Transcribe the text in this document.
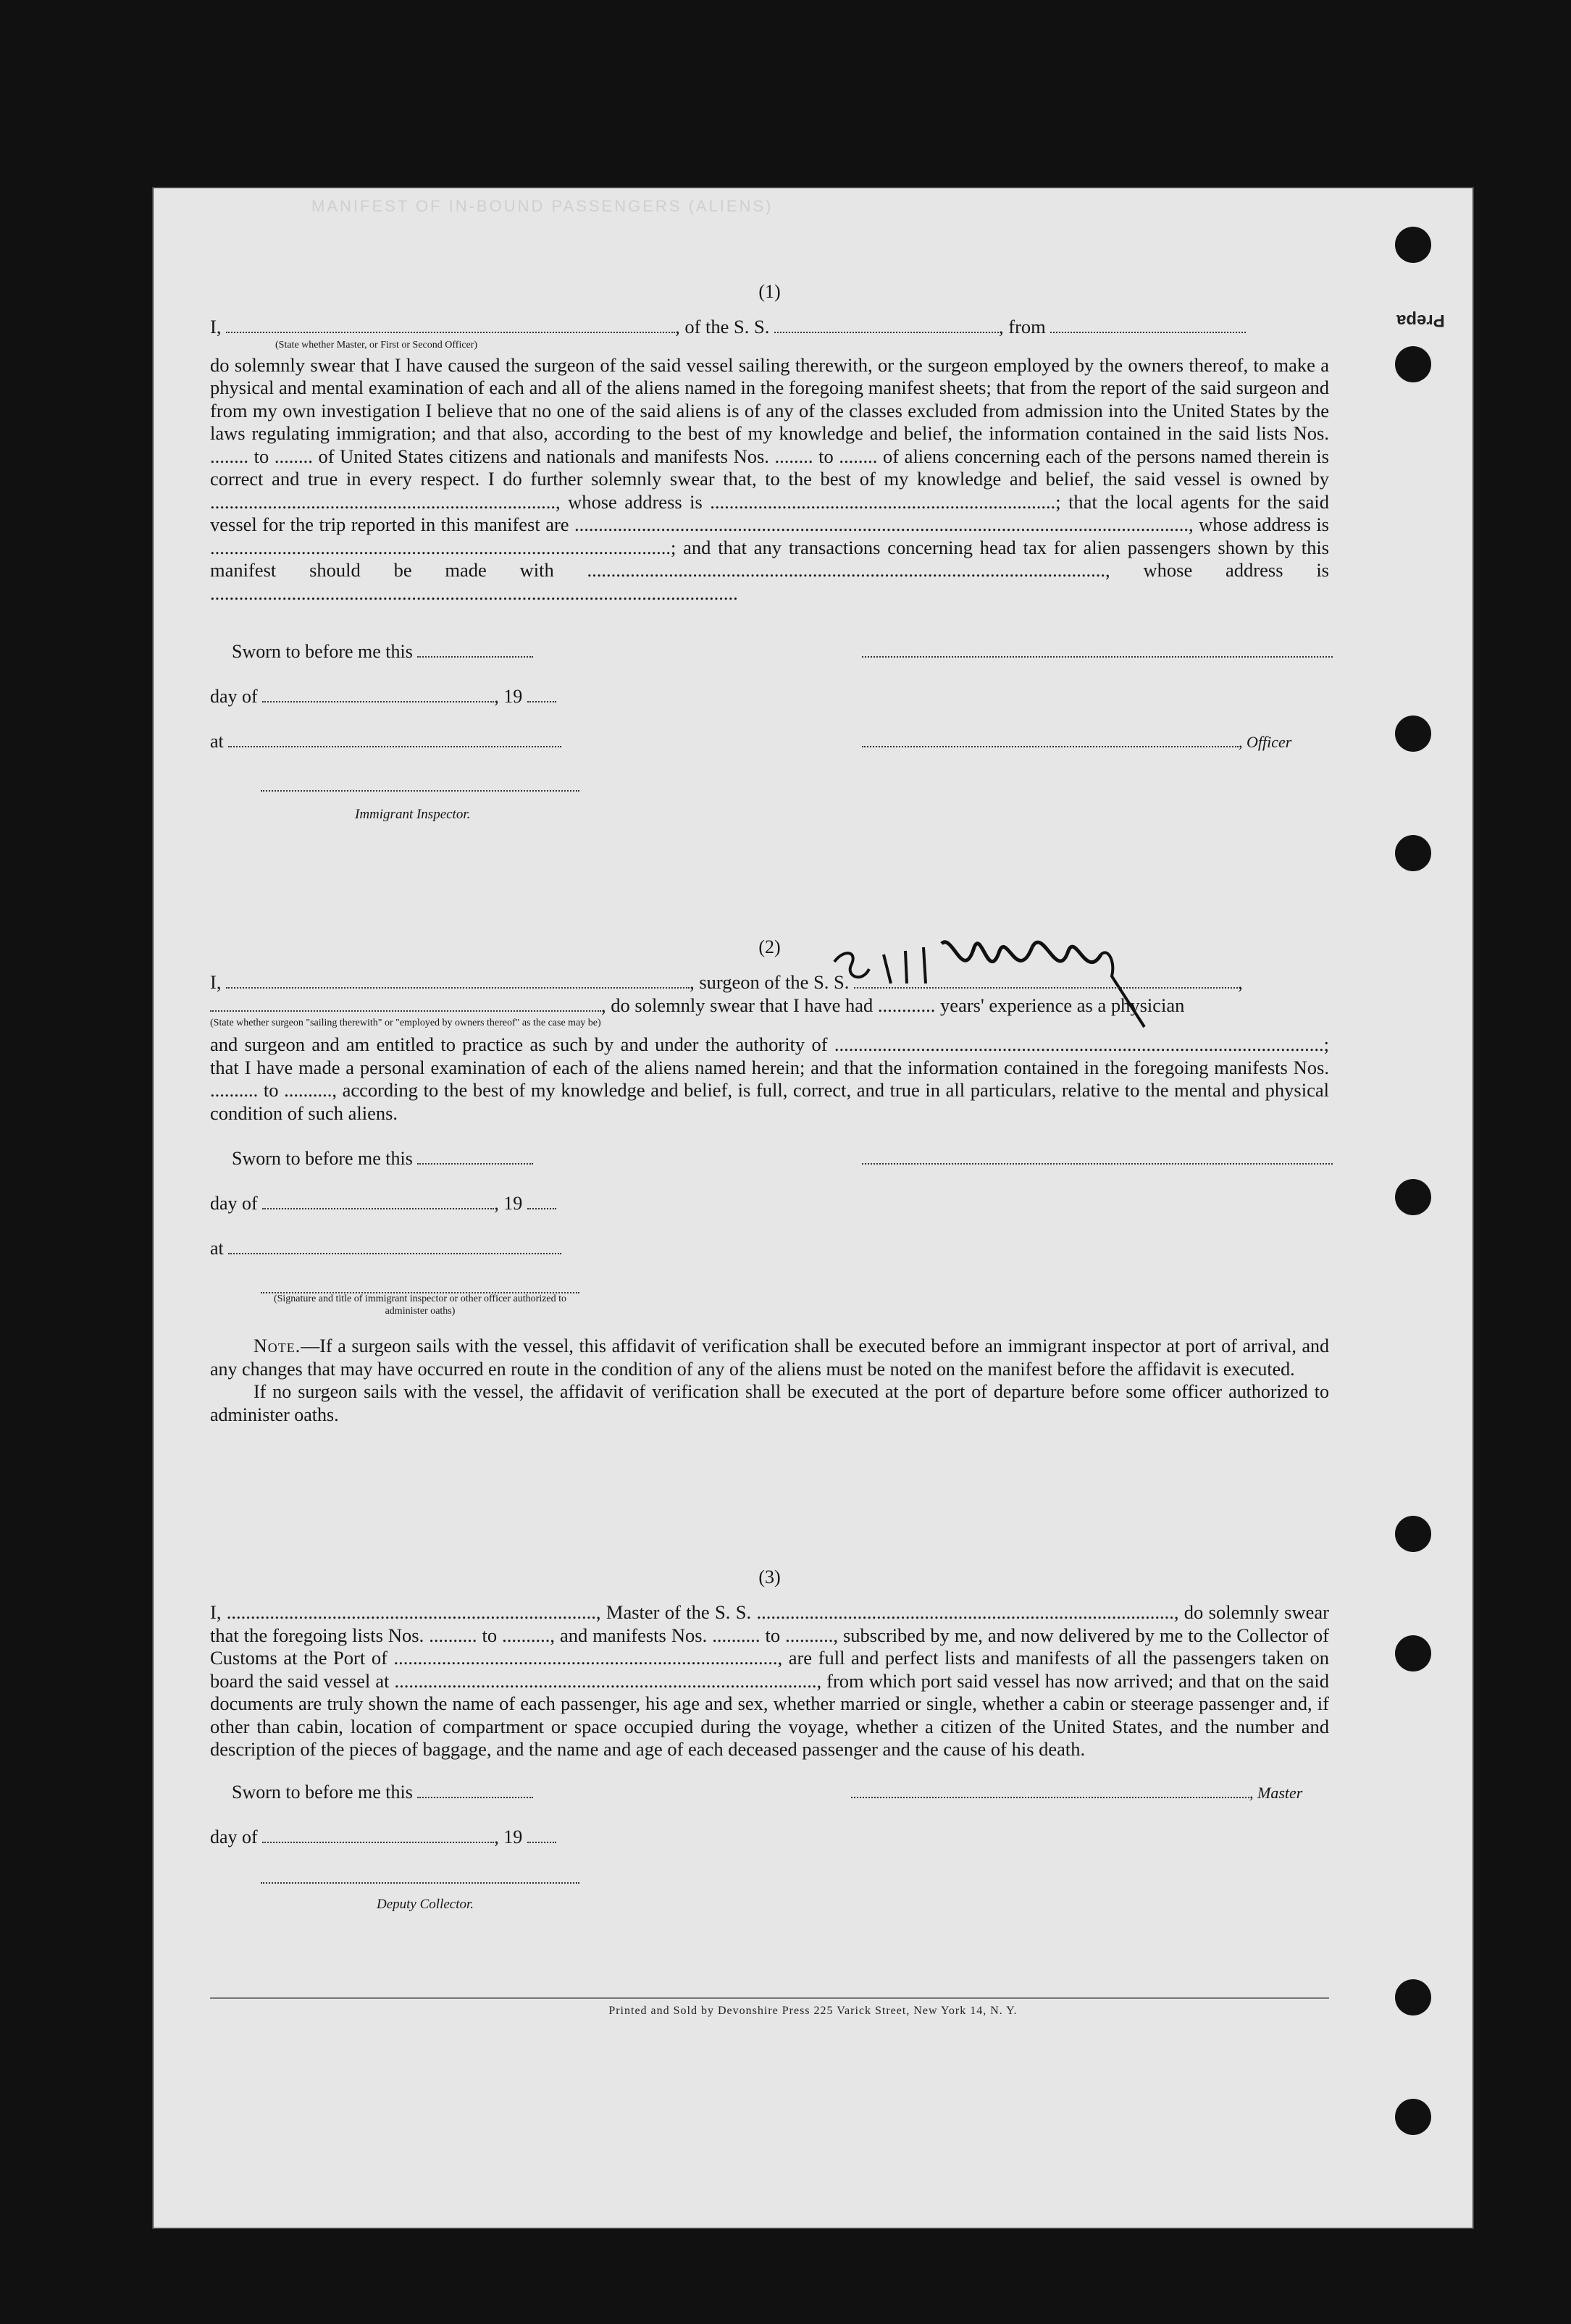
MANIFEST OF IN-BOUND PASSENGERS (ALIENS)
Prepa

(1)

I,	, of the S. S.	, from

(State whether Master, or First or Second Officer)

do solemnly swear that I have caused the surgeon of the said vessel sailing therewith, or the surgeon employed by the owners thereof, to make a physical and mental examination of each and all of the aliens named in the foregoing manifest sheets; that from the report of the said surgeon and from my own investigation I believe that no one of the said aliens is of any of the classes excluded from admission into the United States by the laws regulating immigration; and that also, according to the best of my knowledge and belief, the information contained in the said lists Nos. ........ to ........ of United States citizens and nationals and manifests Nos. ........ to ........ of aliens concerning each of the persons named therein is correct and true in every respect. I do further solemnly swear that, to the best of my knowledge and belief, the said vessel is owned by ........................................................................, whose address is ........................................................................; that the local agents for the said vessel for the trip reported in this manifest are ................................................................................................................................, whose address is ................................................................................................; and that any transactions concerning head tax for alien passengers shown by this manifest should be made with ............................................................................................................, whose address is ..............................................................................................................

Sworn to before me this
day of	, 19
at	, Officer
Immigrant Inspector.

(2)

I,	, surgeon of the S. S.	,

, do solemnly swear that I have had ............ years' experience as a physician

(State whether surgeon "sailing therewith" or "employed by owners thereof" as the case may be)

and surgeon and am entitled to practice as such by and under the authority of ......................................................................................................; that I have made a personal examination of each of the aliens named herein; and that the information contained in the foregoing manifests Nos. .......... to .........., according to the best of my knowledge and belief, is full, correct, and true in all particulars, relative to the mental and physical condition of such aliens.

Sworn to before me this
day of	, 19
at

(Signature and title of immigrant inspector or other officer authorized to administer oaths)

Note.—If a surgeon sails with the vessel, this affidavit of verification shall be executed before an immigrant inspector at port of arrival, and any changes that may have occurred en route in the condition of any of the aliens must be noted on the manifest before the affidavit is executed.

If no surgeon sails with the vessel, the affidavit of verification shall be executed at the port of departure before some officer authorized to administer oaths.

(3)

I, ............................................................................., Master of the S. S. ......................................................................................., do solemnly swear that the foregoing lists Nos. .......... to .........., and manifests Nos. .......... to .........., subscribed by me, and now delivered by me to the Collector of Customs at the Port of ................................................................................, are full and perfect lists and manifests of all the passengers taken on board the said vessel at ........................................................................................, from which port said vessel has now arrived; and that on the said documents are truly shown the name of each passenger, his age and sex, whether married or single, whether a cabin or steerage passenger and, if other than cabin, location of compartment or space occupied during the voyage, whether a citizen of the United States, and the number and description of the pieces of baggage, and the name and age of each deceased passenger and the cause of his death.

Sworn to before me this	, Master
day of	, 19
Deputy Collector.
Printed and Sold by Devonshire Press 225 Varick Street, New York 14, N. Y.
